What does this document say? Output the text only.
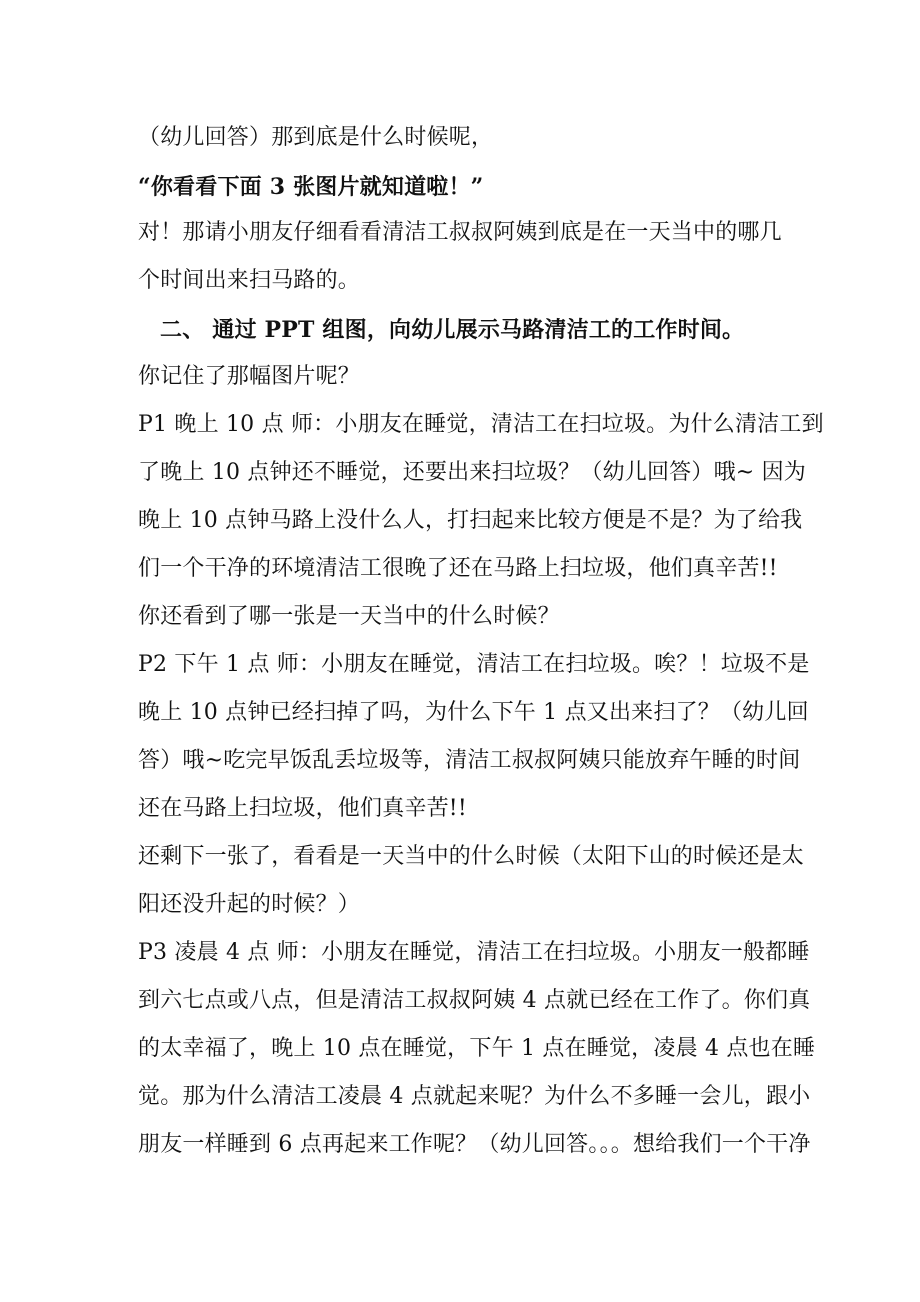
（幼儿回答）那到底是什么时候呢，
“你看看下面 3 张图片就知道啦！”
对！那请小朋友仔细看看清洁工叔叔阿姨到底是在一天当中的哪几
个时间出来扫马路的。
二、 通过 PPT 组图，向幼儿展示马路清洁工的工作时间。
你记住了那幅图片呢？
P1 晚上 10 点 师：小朋友在睡觉，清洁工在扫垃圾。为什么清洁工到
了晚上 10 点钟还不睡觉，还要出来扫垃圾？（幼儿回答）哦~ 因为
晚上 10 点钟马路上没什么人，打扫起来比较方便是不是？为了给我
们一个干净的环境清洁工很晚了还在马路上扫垃圾，他们真辛苦!!
你还看到了哪一张是一天当中的什么时候？
P2 下午 1 点 师：小朋友在睡觉，清洁工在扫垃圾。唉？！垃圾不是
晚上 10 点钟已经扫掉了吗，为什么下午 1 点又出来扫了？（幼儿回
答）哦~吃完早饭乱丢垃圾等，清洁工叔叔阿姨只能放弃午睡的时间
还在马路上扫垃圾，他们真辛苦!!
还剩下一张了，看看是一天当中的什么时候（太阳下山的时候还是太
阳还没升起的时候？）
P3 凌晨 4 点 师：小朋友在睡觉，清洁工在扫垃圾。小朋友一般都睡
到六七点或八点，但是清洁工叔叔阿姨 4 点就已经在工作了。你们真
的太幸福了，晚上 10 点在睡觉，下午 1 点在睡觉，凌晨 4 点也在睡
觉。那为什么清洁工凌晨 4 点就起来呢？为什么不多睡一会儿，跟小
朋友一样睡到 6 点再起来工作呢？（幼儿回答。。。想给我们一个干净
